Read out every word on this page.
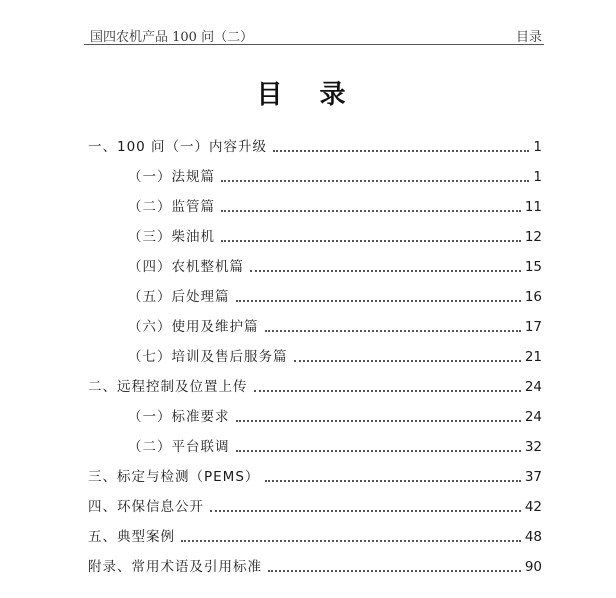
国四农机产品 100 问（二）	目录
目 录
一、100 问（一）内容升级	1
（一）法规篇	1
（二）监管篇	11
（三）柴油机	12
（四）农机整机篇	15
（五）后处理篇	16
（六）使用及维护篇	17
（七）培训及售后服务篇	21
二、远程控制及位置上传	24
（一）标准要求	24
（二）平台联调	32
三、标定与检测（PEMS）	37
四、环保信息公开	42
五、典型案例	48
附录、常用术语及引用标准	90
